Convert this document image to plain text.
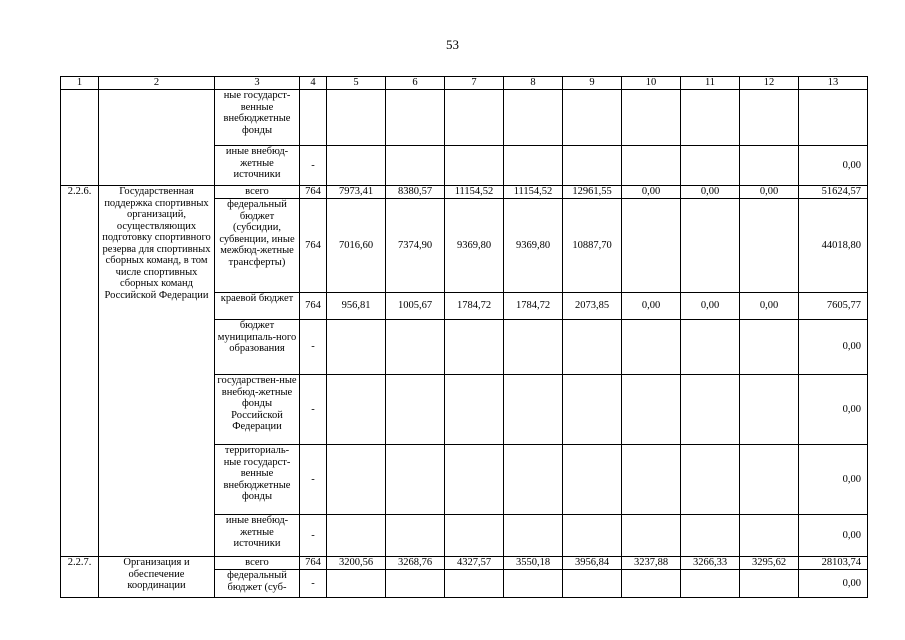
53
1	2	3	4	5	6	7	8	9	10	11	12	13
		ные государст-венные внебюджетные фонды										
		иные внебюд-жетные источники	-									0,00
2.2.6.	Государственная поддержка спортивных организаций, осуществляющих подготовку спортивного резерва для спортивных сборных команд, в том числе спортивных сборных команд Российской Федерации	всего	764	7973,41	8380,57	11154,52	11154,52	12961,55	0,00	0,00	0,00	51624,57
		федеральный бюджет (субсидии, субвенции, иные межбюд-жетные трансферты)	764	7016,60	7374,90	9369,80	9369,80	10887,70				44018,80
		краевой бюджет	764	956,81	1005,67	1784,72	1784,72	2073,85	0,00	0,00	0,00	7605,77
		бюджет муниципаль-ного образования	-									0,00
		государствен-ные внебюд-жетные фонды Российской Федерации	-									0,00
		территориаль-ные государст-венные внебюджетные фонды	-									0,00
		иные внебюд-жетные источники	-									0,00
2.2.7.	Организация и обеспечение координации	всего	764	3200,56	3268,76	4327,57	3550,18	3956,84	3237,88	3266,33	3295,62	28103,74
		федеральный бюджет (суб-	-									0,00
